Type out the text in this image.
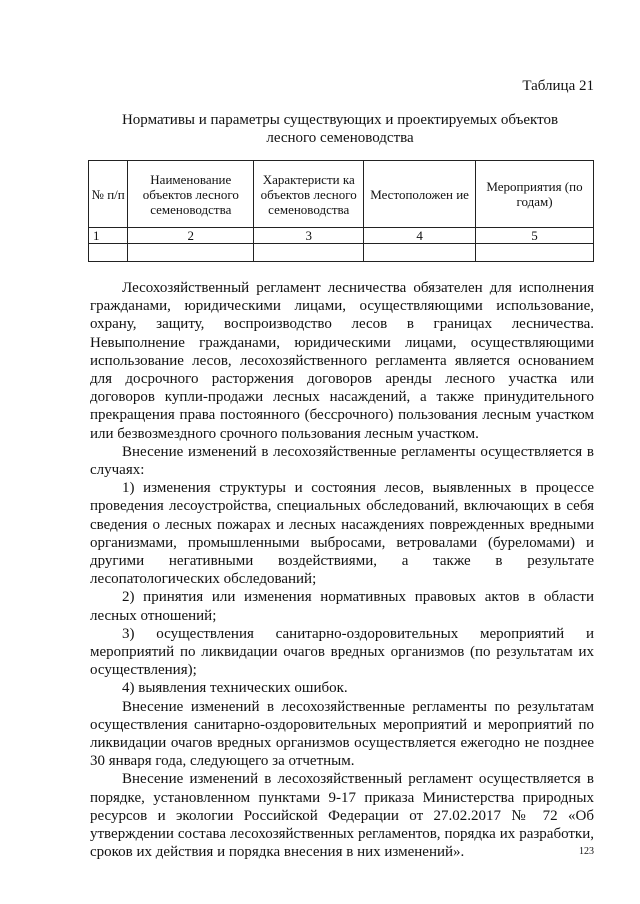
Таблица 21
Нормативы и параметры существующих и проектируемых объектов
лесного семеноводства
№ п/п	Наименование объектов лесного семеноводства	Характеристи ка объектов лесного семеноводства	Местоположен ие	Мероприятия (по годам)
1	2	3	4	5

Лесохозяйственный регламент лесничества обязателен для исполнения гражданами, юридическими лицами, осуществляющими использование, охрану, защиту, воспроизводство лесов в границах лесничества. Невыполнение гражданами, юридическими лицами, осуществляющими использование лесов, лесохозяйственного регламента является основанием для досрочного расторжения договоров аренды лесного участка или договоров купли-продажи лесных насаждений, а также принудительного прекращения права постоянного (бессрочного) пользования лесным участком или безвозмездного срочного пользования лесным участком.

Внесение изменений в лесохозяйственные регламенты осуществляется в случаях:

1) изменения структуры и состояния лесов, выявленных в процессе проведения лесоустройства, специальных обследований, включающих в себя сведения о лесных пожарах и лесных насаждениях поврежденных вредными организмами, промышленными выбросами, ветровалами (буреломами) и другими негативными воздействиями, а также в результате лесопатологических обследований;

2) принятия или изменения нормативных правовых актов в области лесных отношений;

3) осуществления санитарно-оздоровительных мероприятий и мероприятий по ликвидации очагов вредных организмов (по результатам их осуществления);

4) выявления технических ошибок.

Внесение изменений в лесохозяйственные регламенты по результатам осуществления санитарно-оздоровительных мероприятий и мероприятий по ликвидации очагов вредных организмов осуществляется ежегодно не позднее 30 января года, следующего за отчетным.

Внесение изменений в лесохозяйственный регламент осуществляется в порядке, установленном пунктами 9-17 приказа Министерства природных ресурсов и экологии Российской Федерации от 27.02.2017 № 72 «Об утверждении состава лесохозяйственных регламентов, порядка их разработки, сроков их действия и порядка внесения в них изменений».	123
